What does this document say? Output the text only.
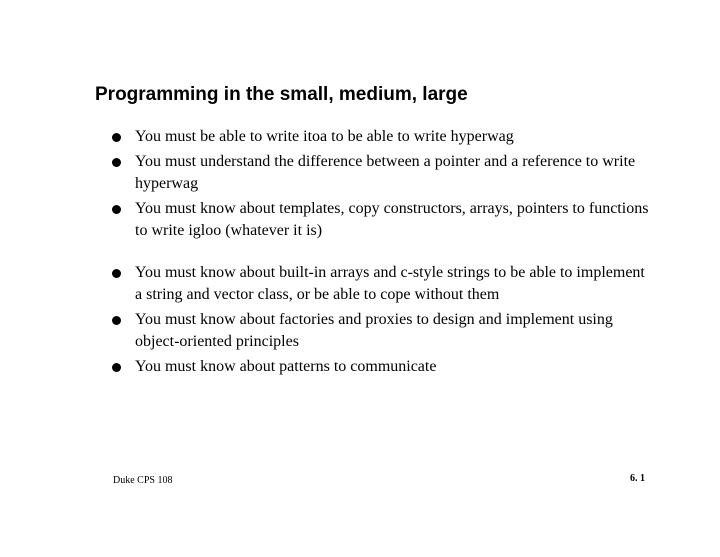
Programming in the small, medium, large
You must be able to write itoa to be able to write hyperwag
You must understand the difference between a pointer and a reference to write hyperwag
You must know about templates, copy constructors, arrays, pointers to functions to write igloo (whatever it is)
You must know about built-in arrays and c-style strings to be able to implement a string and vector class, or be able to cope without them
You must know about factories and proxies to design and implement using object-oriented principles
You must know about patterns to communicate
Duke CPS 108	6. 1
